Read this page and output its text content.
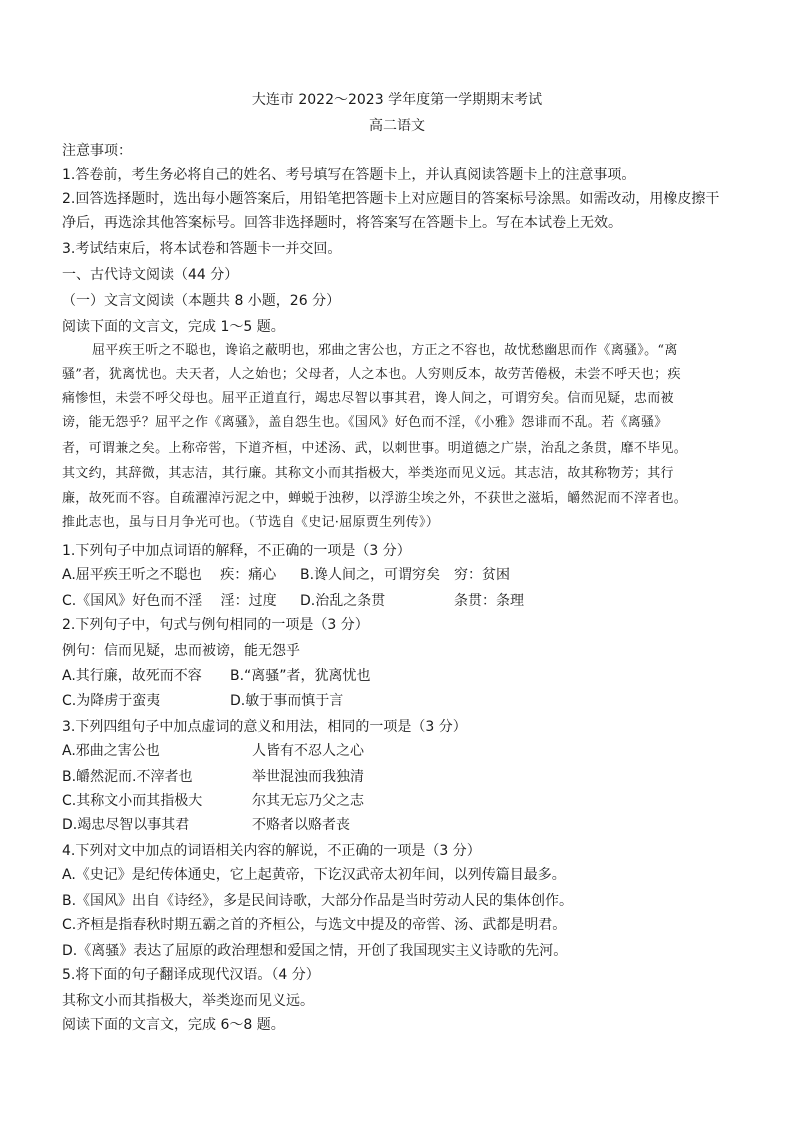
大连市 2022～2023 学年度第一学期期末考试
高二语文
注意事项：
1.答卷前，考生务必将自己的姓名、考号填写在答题卡上，并认真阅读答题卡上的注意事项。
2.回答选择题时，选出每小题答案后，用铅笔把答题卡上对应题目的答案标号涂黑。如需改动，用橡皮擦干
净后，再选涂其他答案标号。回答非选择题时，将答案写在答题卡上。写在本试卷上无效。
3.考试结束后，将本试卷和答题卡一并交回。
一、古代诗文阅读（44 分）
（一）文言文阅读（本题共 8 小题，26 分）
阅读下面的文言文，完成 1～5 题。
屈平疾王听之不聪也，谗谄之蔽明也，邪曲之害公也，方正之不容也，故忧愁幽思而作《离骚》。“离
骚”者，犹离忧也。夫天者，人之始也；父母者，人之本也。人穷则反本，故劳苦倦极，未尝不呼天也；疾
痛惨怛，未尝不呼父母也。屈平正道直行，竭忠尽智以事其君，谗人间之，可谓穷矣。信而见疑，忠而被
谤，能无怨乎？屈平之作《离骚》，盖自怨生也。《国风》好色而不淫，《小雅》怨诽而不乱。若《离骚》
者，可谓兼之矣。上称帝喾，下道齐桓，中述汤、武，以刺世事。明道德之广崇，治乱之条贯，靡不毕见。
其文约，其辞微，其志洁，其行廉。其称文小而其指极大，举类迩而见义远。其志洁，故其称物芳；其行
廉，故死而不容。自疏濯淖污泥之中，蝉蜕于浊秽，以浮游尘埃之外，不获世之滋垢，皭然泥而不滓者也。
推此志也，虽与日月争光可也。（节选自《史记·屈原贾生列传》）
1.下列句子中加点词语的解释，不正确的一项是（3 分）
A.屈平疾王听之不聪也　 疾：痛心 B.谗人间之，可谓穷矣　穷：贫困
C.《国风》好色而不淫　 淫：过度 D.治乱之条贯	条贯：条理
2.下列句子中，句式与例句相同的一项是（3 分）
例句：信而见疑，忠而被谤，能无怨乎
A.其行廉，故死而不容 B.“离骚”者，犹离忧也
C.为降虏于蛮夷	D.敏于事而慎于言
3.下列四组句子中加点虚词的意义和用法，相同的一项是（3 分）
A.邪曲之害公也	人皆有不忍人之心
B.皭然泥而.不滓者也	举世混浊而我独清
C.其称文小而其指极大	尔其无忘乃父之志
D.竭忠尽智以事其君	不赂者以赂者丧
4.下列对文中加点的词语相关内容的解说，不正确的一项是（3 分）
A.《史记》是纪传体通史，它上起黄帝，下讫汉武帝太初年间，以列传篇目最多。
B.《国风》出自《诗经》，多是民间诗歌，大部分作品是当时劳动人民的集体创作。
C.齐桓是指春秋时期五霸之首的齐桓公，与选文中提及的帝喾、汤、武都是明君。
D.《离骚》表达了屈原的政治理想和爱国之情，开创了我国现实主义诗歌的先河。
5.将下面的句子翻译成现代汉语。（4 分）
其称文小而其指极大，举类迩而见义远。
阅读下面的文言文，完成 6～8 题。
